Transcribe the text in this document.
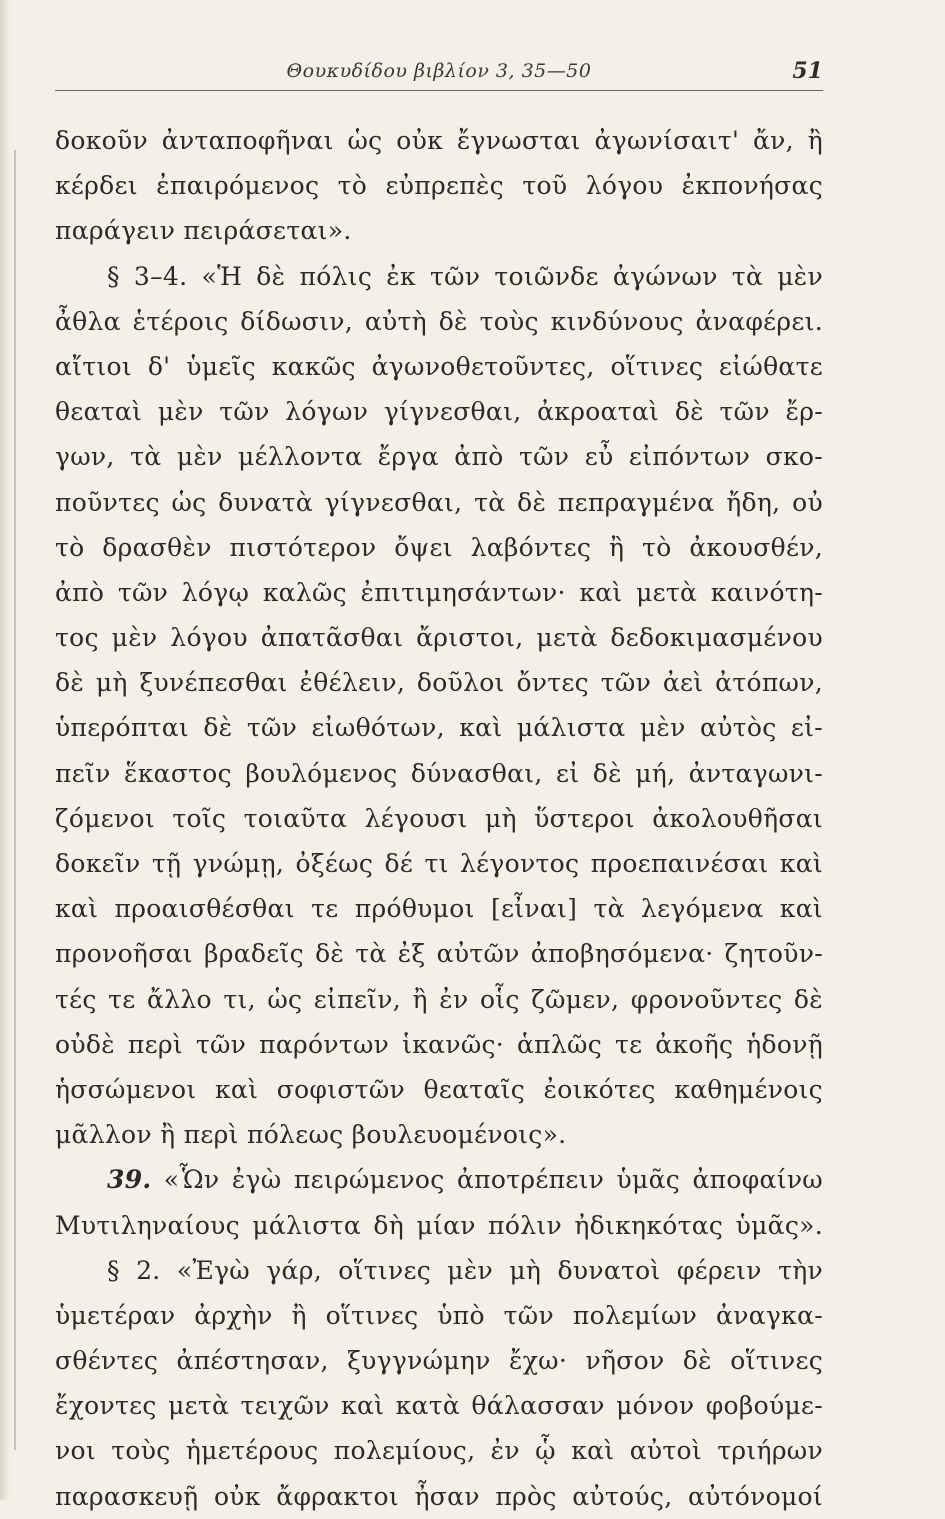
Θουκυδίδου βιβλίον 3, 35—50	51
δοκοῦν ἀνταποφῆναι ὡς οὐκ ἔγνωσται ἀγωνίσαιτ' ἄν, ἢ
κέρδει ἐπαιρόμενος τὸ εὐπρεπὲς τοῦ λόγου ἐκπονήσας
παράγειν πειράσεται».
§ 3–4. «Ἡ δὲ πόλις ἐκ τῶν τοιῶνδε ἀγώνων τὰ μὲν
ἆθλα ἑτέροις δίδωσιν, αὐτὴ δὲ τοὺς κινδύνους ἀναφέρει.
αἴτιοι δ' ὑμεῖς κακῶς ἀγωνοθετοῦντες, οἵτινες εἰώθατε
θεαταὶ μὲν τῶν λόγων γίγνεσθαι, ἀκροαταὶ δὲ τῶν ἔρ-
γων, τὰ μὲν μέλλοντα ἔργα ἀπὸ τῶν εὖ εἰπόντων σκο-
ποῦντες ὡς δυνατὰ γίγνεσθαι, τὰ δὲ πεπραγμένα ἤδη, οὐ
τὸ δρασθὲν πιστότερον ὄψει λαβόντες ἢ τὸ ἀκουσθέν,
ἀπὸ τῶν λόγῳ καλῶς ἐπιτιμησάντων· καὶ μετὰ καινότη-
τος μὲν λόγου ἀπατᾶσθαι ἄριστοι, μετὰ δεδοκιμασμένου
δὲ μὴ ξυνέπεσθαι ἐθέλειν, δοῦλοι ὄντες τῶν ἀεὶ ἀτόπων,
ὑπερόπται δὲ τῶν εἰωθότων, καὶ μάλιστα μὲν αὐτὸς εἰ-
πεῖν ἕκαστος βουλόμενος δύνασθαι, εἰ δὲ μή, ἀνταγωνι-
ζόμενοι τοῖς τοιαῦτα λέγουσι μὴ ὕστεροι ἀκολουθῆσαι
δοκεῖν τῇ γνώμῃ, ὀξέως δέ τι λέγοντος προεπαινέσαι καὶ
καὶ προαισθέσθαι τε πρόθυμοι [εἶναι] τὰ λεγόμενα καὶ
προνοῆσαι βραδεῖς δὲ τὰ ἐξ αὐτῶν ἀποβησόμενα· ζητοῦν-
τές τε ἄλλο τι, ὡς εἰπεῖν, ἢ ἐν οἷς ζῶμεν, φρονοῦντες δὲ
οὐδὲ περὶ τῶν παρόντων ἱκανῶς· ἁπλῶς τε ἀκοῆς ἡδονῇ
ἡσσώμενοι καὶ σοφιστῶν θεαταῖς ἐοικότες καθημένοις
μᾶλλον ἢ περὶ πόλεως βουλευομένοις».
39. «Ὧν ἐγὼ πειρώμενος ἀποτρέπειν ὑμᾶς ἀποφαίνω
Μυτιληναίους μάλιστα δὴ μίαν πόλιν ἠδικηκότας ὑμᾶς».
§ 2. «Ἐγὼ γάρ, οἵτινες μὲν μὴ δυνατοὶ φέρειν τὴν
ὑμετέραν ἀρχὴν ἢ οἵτινες ὑπὸ τῶν πολεμίων ἀναγκα-
σθέντες ἀπέστησαν, ξυγγνώμην ἔχω· νῆσον δὲ οἵτινες
ἔχοντες μετὰ τειχῶν καὶ κατὰ θάλασσαν μόνον φοβούμε-
νοι τοὺς ἡμετέρους πολεμίους, ἐν ᾧ καὶ αὐτοὶ τριήρων
παρασκευῇ οὐκ ἄφρακτοι ἦσαν πρὸς αὐτούς, αὐτόνομοί
